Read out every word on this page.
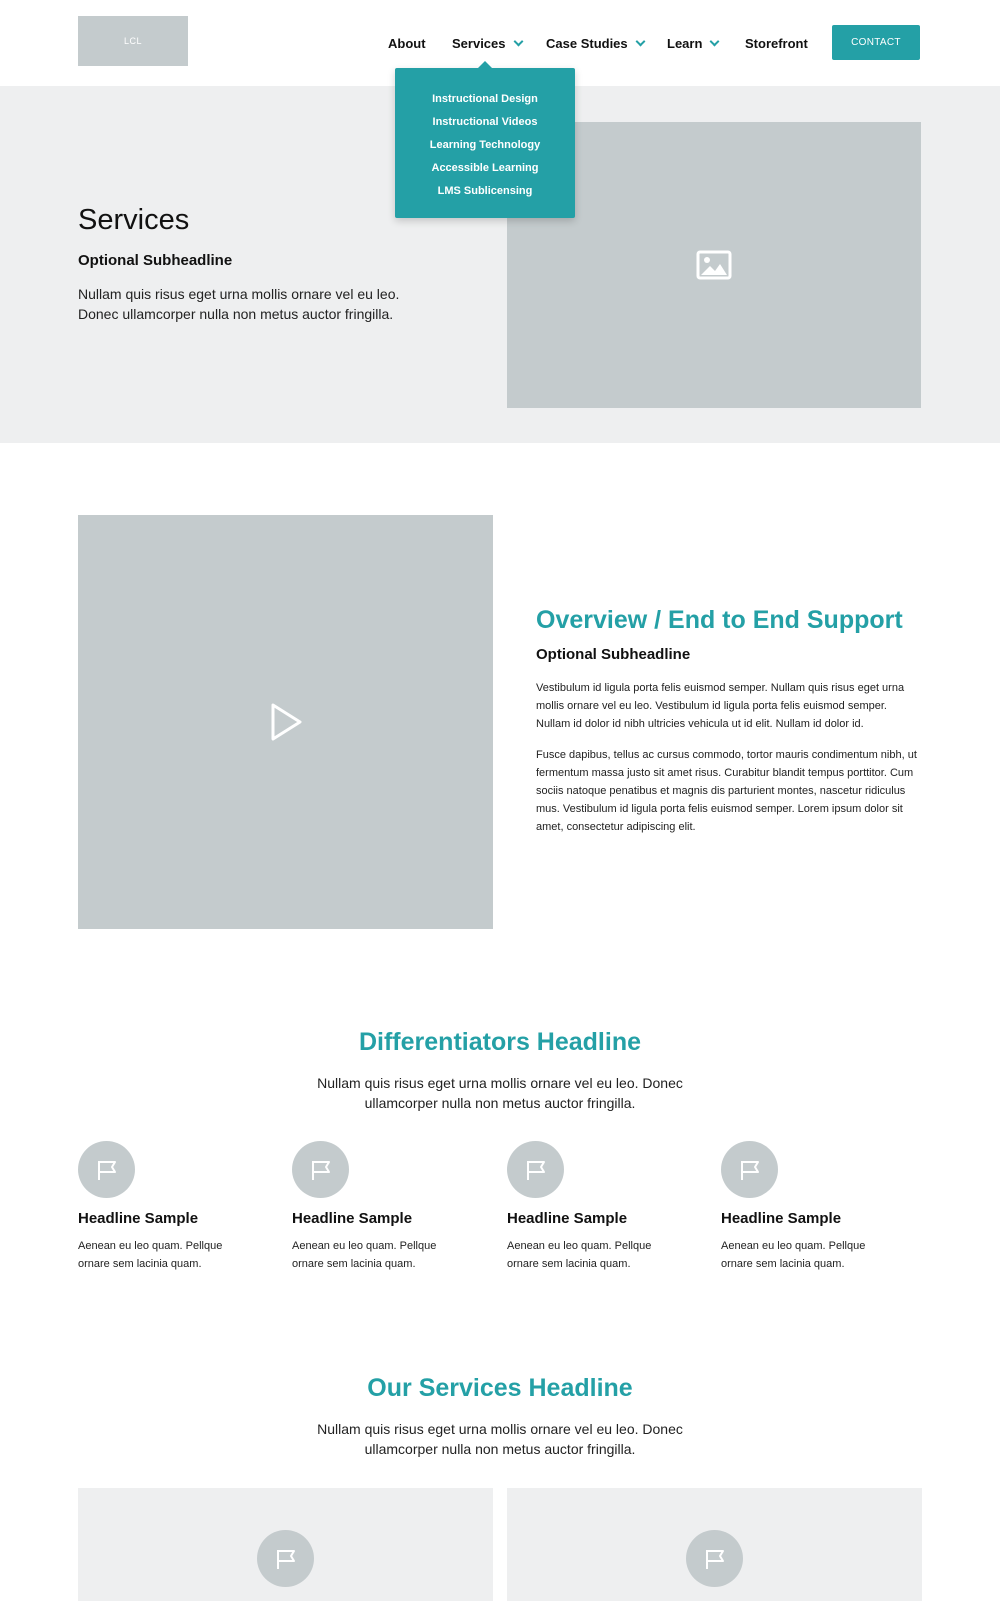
LCL	About Services	Case Studies	Learn	Storefront	CONTACT
Services
Optional Subheadline

Nullam quis risus eget urna mollis ornare vel eu leo. Donec ullamcorper nulla non metus auctor fringilla.

Instructional Design
Instructional Videos
Learning Technology
Accessible Learning
LMS Sublicensing
Overview / End to End Support
Optional Subheadline

Vestibulum id ligula porta felis euismod semper. Nullam quis risus eget urna mollis ornare vel eu leo. Vestibulum id ligula porta felis euismod semper. Nullam id dolor id nibh ultricies vehicula ut id elit. Nullam id dolor id.

Fusce dapibus, tellus ac cursus commodo, tortor mauris condimentum nibh, ut fermentum massa justo sit amet risus. Curabitur blandit tempus porttitor. Cum sociis natoque penatibus et magnis dis parturient montes, nascetur ridiculus mus. Vestibulum id ligula porta felis euismod semper. Lorem ipsum dolor sit amet, consectetur adipiscing elit.

Differentiators Headline

Nullam quis risus eget urna mollis ornare vel eu leo. Donec ullamcorper nulla non metus auctor fringilla.

Headline Sample

Aenean eu leo quam. Pellque ornare sem lacinia quam.

Headline Sample

Aenean eu leo quam. Pellque ornare sem lacinia quam.

Headline Sample

Aenean eu leo quam. Pellque ornare sem lacinia quam.

Headline Sample

Aenean eu leo quam. Pellque ornare sem lacinia quam.

Our Services Headline

Nullam quis risus eget urna mollis ornare vel eu leo. Donec ullamcorper nulla non metus auctor fringilla.
